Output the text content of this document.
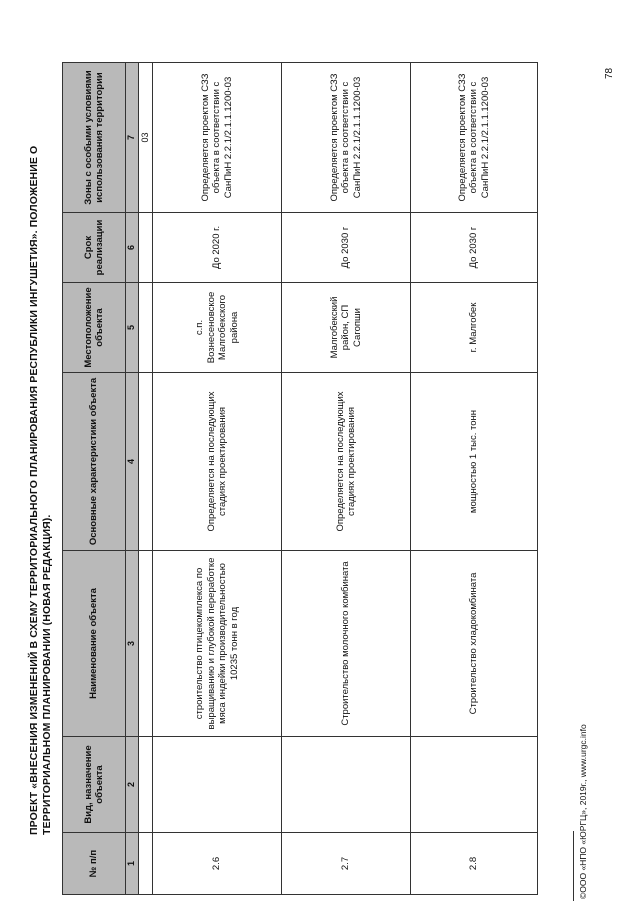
ПРОЕКТ «ВНЕСЕНИЯ ИЗМЕНЕНИЙ В СХЕМУ ТЕРРИТОРИАЛЬНОГО ПЛАНИРОВАНИЯ РЕСПУБЛИКИ ИНГУШЕТИЯ». ПОЛОЖЕНИЕ О ТЕРРИТОРИАЛЬНОМ ПЛАНИРОВАНИИ (НОВАЯ РЕДАКЦИЯ).
№ п/п	Вид, назначение объекта	Наименование объекта	Основные характеристики объекта	Местоположение объекта	Срок реализации	Зоны с особыми условиями использования территории
1	2	3	4	5	6	7
						03
2.6		строительство птицекомплекса по выращиванию и глубокой переработке мяса индейки производительностью 10235 тонн в год	Определяется на последующих стадиях проектирования	с.п. Вознесеновское Малгобекского района	До 2020 г.	Определяется проектом СЗЗ объекта в соответствии с СанПиН 2.2.1/2.1.1.1200-03
2.7		Строительство молочного комбината	Определяется на последующих стадиях проектирования	Малгобекский район, СП Сагопши	До 2030 г	Определяется проектом СЗЗ объекта в соответствии с СанПиН 2.2.1/2.1.1.1200-03
2.8		Строительство хладокомбината	мощностью 1 тыс. тонн	г. Малгобек	До 2030 г	Определяется проектом СЗЗ объекта в соответствии с СанПиН 2.2.1/2.1.1.1200-03
©ООО «НПО «ЮРГЦ», 2019г., www.urgc.info
78
